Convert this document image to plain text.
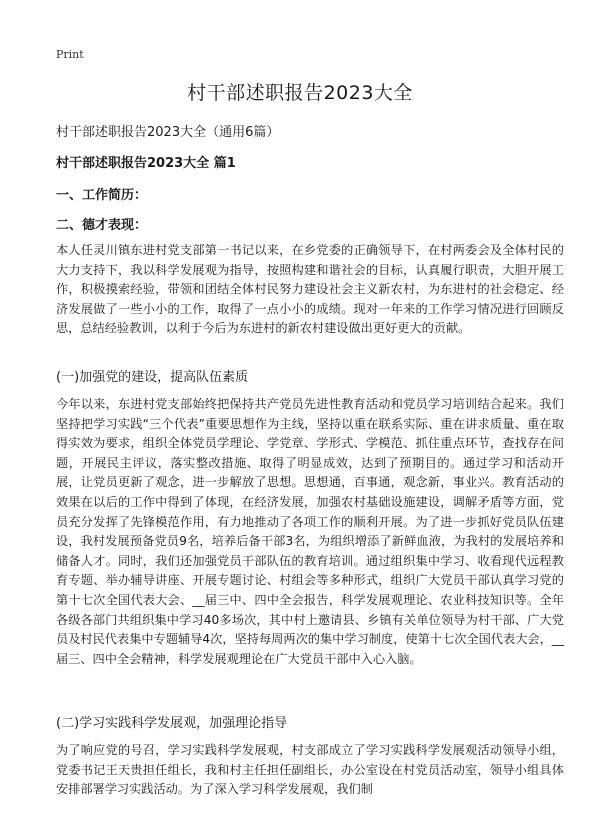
Print
村干部述职报告2023大全
村干部述职报告2023大全（通用6篇）
村干部述职报告2023大全 篇1
一、工作简历：
二、德才表现：

本人任灵川镇东进村党支部第一书记以来，在乡党委的正确领导下，在村两委会及全体村民的大力支持下，我以科学发展观为指导，按照构建和谐社会的目标，认真履行职责，大胆开展工作，积极摸索经验，带领和团结全体村民努力建设社会主义新农村，为东进村的社会稳定、经济发展做了一些小小的工作，取得了一点小小的成绩。现对一年来的工作学习情况进行回顾反思，总结经验教训，以利于今后为东进村的新农村建设做出更好更大的贡献。

(一)加强党的建设，提高队伍素质

今年以来，东进村党支部始终把保持共产党员先进性教育活动和党员学习培训结合起来。我们坚持把学习实践“三个代表”重要思想作为主线，坚持以重在联系实际、重在讲求质量、重在取得实效为要求，组织全体党员学理论、学党章、学形式、学模范、抓住重点环节，查找存在问题，开展民主评议，落实整改措施、取得了明显成效，达到了预期目的。通过学习和活动开展，让党员更新了观念，进一步解放了思想。思想通，百事通，观念新，事业兴。教育活动的效果在以后的工作中得到了体现，在经济发展，加强农村基础设施建设，调解矛盾等方面，党员充分发挥了先锋模范作用，有力地推动了各项工作的顺利开展。为了进一步抓好党员队伍建设，我村发展预备党员9名，培养后备干部3名，为组织增添了新鲜血液，为我村的发展培养和储备人才。同时，我们还加强党员干部队伍的教育培训。通过组织集中学习、收看现代远程教育专题、举办辅导讲座、开展专题讨论、村组会等多种形式，组织广大党员干部认真学习党的第十七次全国代表大会、__届三中、四中全会报告，科学发展观理论、农业科技知识等。全年各级各部门共组织集中学习40多场次，其中村上邀请县、乡镇有关单位领导为村干部、广大党员及村民代表集中专题辅导4次，坚持每周两次的集中学习制度，使第十七次全国代表大会，__届三、四中全会精神，科学发展观理论在广大党员干部中入心入脑。

(二)学习实践科学发展观，加强理论指导

为了响应党的号召，学习实践科学发展观，村支部成立了学习实践科学发展观活动领导小组，党委书记王天贵担任组长，我和村主任担任副组长，办公室设在村党员活动室，领导小组具体安排部署学习实践活动。为了深入学习科学发展观，我们制
